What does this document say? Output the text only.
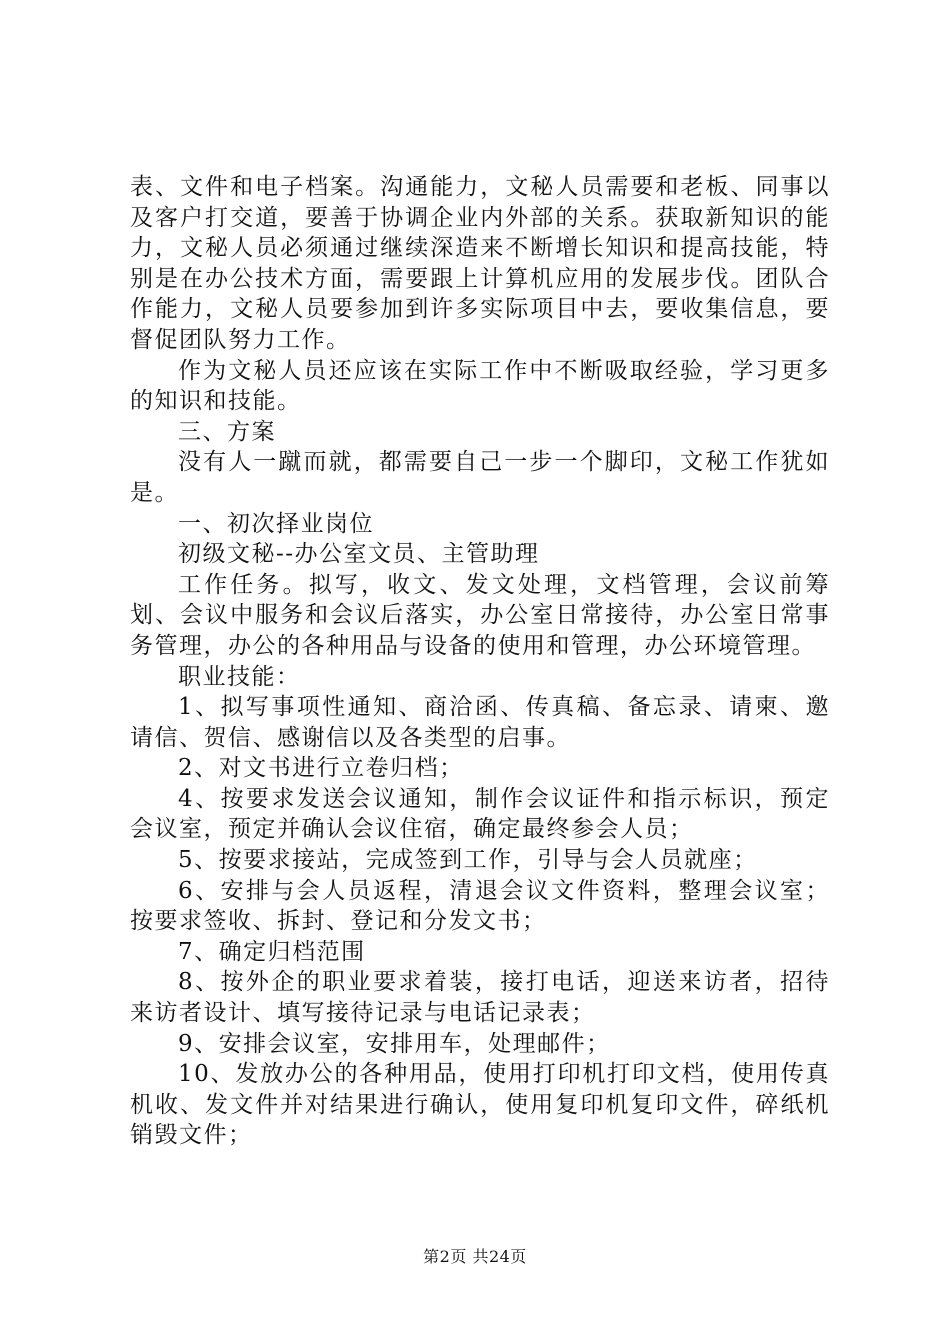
表、文件和电子档案。沟通能力，文秘人员需要和老板、同事以及客户打交道，要善于协调企业内外部的关系。获取新知识的能力，文秘人员必须通过继续深造来不断增长知识和提高技能，特别是在办公技术方面，需要跟上计算机应用的发展步伐。团队合作能力，文秘人员要参加到许多实际项目中去，要收集信息，要督促团队努力工作。

作为文秘人员还应该在实际工作中不断吸取经验，学习更多的知识和技能。

三、方案

没有人一蹴而就，都需要自己一步一个脚印，文秘工作犹如是。

一、初次择业岗位

初级文秘--办公室文员、主管助理

工作任务。拟写，收文、发文处理，文档管理，会议前筹划、会议中服务和会议后落实，办公室日常接待，办公室日常事务管理，办公的各种用品与设备的使用和管理，办公环境管理。

职业技能：

1、拟写事项性通知、商洽函、传真稿、备忘录、请柬、邀请信、贺信、感谢信以及各类型的启事。

2、对文书进行立卷归档；

4、按要求发送会议通知，制作会议证件和指示标识，预定会议室，预定并确认会议住宿，确定最终参会人员；

5、按要求接站，完成签到工作，引导与会人员就座；

6、安排与会人员返程，清退会议文件资料，整理会议室；按要求签收、拆封、登记和分发文书；

7、确定归档范围

8、按外企的职业要求着装，接打电话，迎送来访者，招待来访者设计、填写接待记录与电话记录表；

9、安排会议室，安排用车，处理邮件；

10、发放办公的各种用品，使用打印机打印文档，使用传真机收、发文件并对结果进行确认，使用复印机复印文件，碎纸机销毁文件；

第2页 共24页
